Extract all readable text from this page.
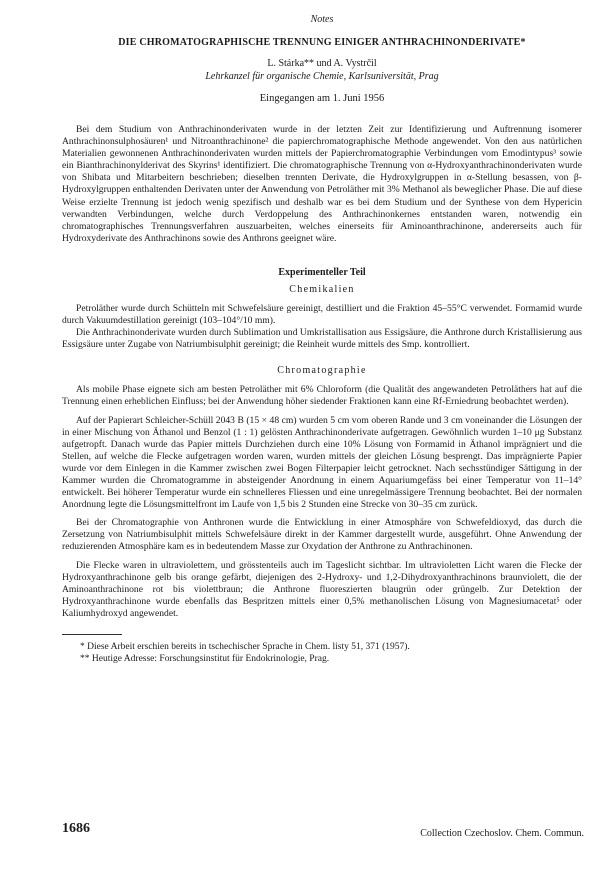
Notes
DIE CHROMATOGRAPHISCHE TRENNUNG EINIGER ANTHRACHINONDERIVATE*
L. Stárka** und A. Vystrčil
Lehrkanzel für organische Chemie, Karlsuniversität, Prag
Eingegangen am 1. Juni 1956

Bei dem Studium von Anthrachinonderivaten wurde in der letzten Zeit zur Identifizierung und Auftrennung isomerer Anthrachinonsulphosäuren¹ und Nitroanthrachinone² die papierchromatographische Methode angewendet. Von den aus natürlichen Materialien gewonnenen Anthrachinonderivaten wurden mittels der Papierchromatographie Verbindungen vom Emodintypus³ sowie ein Bianthrachinonylderivat des Skyrins¹ identifiziert. Die chromatographische Trennung von α-Hydroxyanthrachinonderivaten wurde von Shibata und Mitarbeitern beschrieben; dieselben trennten Derivate, die Hydroxylgruppen in α-Stellung besassen, von β-Hydroxylgruppen enthaltenden Derivaten unter der Anwendung von Petroläther mit 3% Methanol als beweglicher Phase. Die auf diese Weise erzielte Trennung ist jedoch wenig spezifisch und deshalb war es bei dem Studium und der Synthese von dem Hypericin verwandten Verbindungen, welche durch Verdoppelung des Anthrachinonkernes entstanden waren, notwendig ein chromatographisches Trennungsverfahren auszuarbeiten, welches einerseits für Aminoanthrachinone, andererseits auch für Hydroxyderivate des Anthrachinons sowie des Anthrons geeignet wäre.

Experimenteller Teil
Chemikalien

Petroläther wurde durch Schütteln mit Schwefelsäure gereinigt, destilliert und die Fraktion 45–55°C verwendet. Formamid wurde durch Vakuumdestillation gereinigt (103–104°/10 mm).

Die Anthrachinonderivate wurden durch Sublimation und Umkristallisation aus Essigsäure, die Anthrone durch Kristallisierung aus Essigsäure unter Zugabe von Natriumbisulphit gereinigt; die Reinheit wurde mittels des Smp. kontrolliert.

Chromatographie

Als mobile Phase eignete sich am besten Petroläther mit 6% Chloroform (die Qualität des angewandeten Petroläthers hat auf die Trennung einen erheblichen Einfluss; bei der Anwendung höher siedender Fraktionen kann eine Rf-Erniedrung beobachtet werden).

Auf der Papierart Schleicher-Schüll 2043 B (15 × 48 cm) wurden 5 cm vom oberen Rande und 3 cm voneinander die Lösungen der in einer Mischung von Äthanol und Benzol (1 : 1) gelösten Anthrachinonderivate aufgetragen. Gewöhnlich wurden 1–10 μg Substanz aufgetropft. Danach wurde das Papier mittels Durchziehen durch eine 10% Lösung von Formamid in Äthanol imprägniert und die Stellen, auf welche die Flecke aufgetragen worden waren, wurden mittels der gleichen Lösung besprengt. Das imprägnierte Papier wurde vor dem Einlegen in die Kammer zwischen zwei Bogen Filterpapier leicht getrocknet. Nach sechsstündiger Sättigung in der Kammer wurden die Chromatogramme in absteigender Anordnung in einem Aquariumgefäss bei einer Temperatur von 11–14° entwickelt. Bei höherer Temperatur wurde ein schnelleres Fliessen und eine unregelmässigere Trennung beobachtet. Bei der normalen Anordnung legte die Lösungsmittelfront im Laufe von 1,5 bis 2 Stunden eine Strecke von 30–35 cm zurück.

Bei der Chromatographie von Anthronen wurde die Entwicklung in einer Atmosphäre von Schwefeldioxyd, das durch die Zersetzung von Natriumbisulphit mittels Schwefelsäure direkt in der Kammer dargestellt wurde, ausgeführt. Ohne Anwendung der reduzierenden Atmosphäre kam es in bedeutendem Masse zur Oxydation der Anthrone zu Anthrachinonen.

Die Flecke waren in ultraviolettem, und grösstenteils auch im Tageslicht sichtbar. Im ultravioletten Licht waren die Flecke der Hydroxyanthrachinone gelb bis orange gefärbt, diejenigen des 2-Hydroxy- und 1,2-Dihydroxyanthrachinons braunviolett, die der Aminoanthrachinone rot bis violettbraun; die Anthrone fluoreszierten blaugrün oder grüngelb. Zur Detektion der Hydroxyanthrachinone wurde ebenfalls das Bespritzen mittels einer 0,5% methanolischen Lösung von Magnesiumacetat⁵ oder Kaliumhydroxyd angewendet.

* Diese Arbeit erschien bereits in tschechischer Sprache in Chem. listy 51, 371 (1957).
** Heutige Adresse: Forschungsinstitut für Endokrinologie, Prag.
1686	Collection Czechoslov. Chem. Commun.
